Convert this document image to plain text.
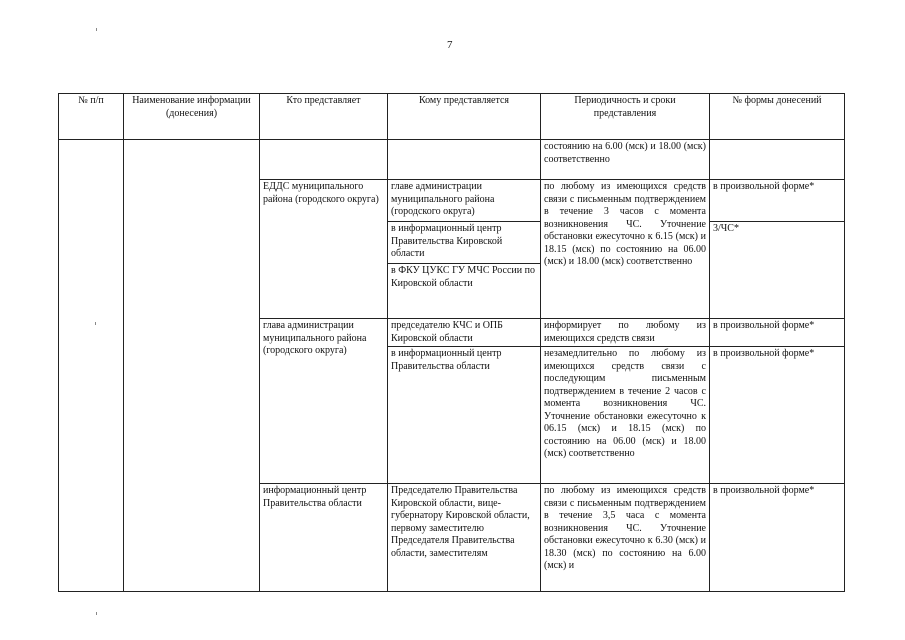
7
№ п/п	Наименование информации (донесения)	Кто представляет	Кому представляется	Периодичность и сроки представления	№ формы донесений
				состоянию на 6.00 (мск) и 18.00 (мск) соответственно	
		ЕДДС муниципального района (городского округа)	главе администрации муниципального района (городского округа)	по любому из имеющихся средств связи с письменным подтверждением в течение 3 часов с момента возникновения ЧС. Уточнение обстановки ежесуточно к 6.15 (мск) и 18.15 (мск) по состоянию на 06.00 (мск) и 18.00 (мск) соответственно	в произвольной форме*
			в информационный центр Правительства Кировской области		3/ЧС*
			в ФКУ ЦУКС ГУ МЧС России по Кировской области		
		глава администрации муниципального района (городского округа)	председателю КЧС и ОПБ Кировской области	информирует по любому из имеющихся средств связи	в произвольной форме*
			в информационный центр Правительства области	незамедлительно по любому из имеющихся средств связи с последующим письменным подтверждением в течение 2 часов с момента возникновения ЧС. Уточнение обстановки ежесуточно к 06.15 (мск) и 18.15 (мск) по состоянию на 06.00 (мск) и 18.00 (мск) соответственно	в произвольной форме*
		информационный центр Правительства области	Председателю Правительства Кировской области, вице-губернатору Кировской области, первому заместителю Председателя Правительства области, заместителям	по любому из имеющихся средств связи с письменным подтверждением в течение 3,5 часа с момента возникновения ЧС. Уточнение обстановки ежесуточно к 6.30 (мск) и 18.30 (мск) по состоянию на 6.00 (мск) и	в произвольной форме*
